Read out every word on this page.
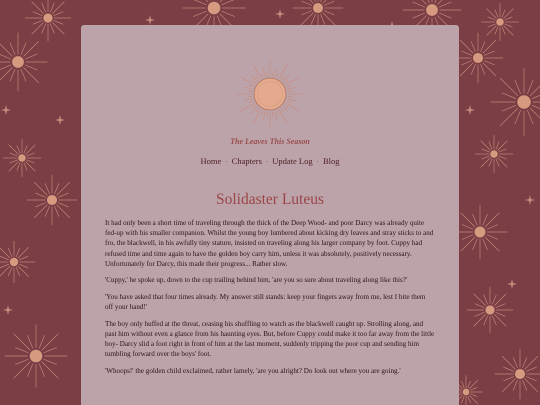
The Leaves This Season
Home · Chapters · Update Log · Blog
Solidaster Luteus

It had only been a short time of traveling through the thick of the Deep Wood- and poor Darcy was already quite fed-up with his smaller companion. Whilst the young boy lumbered about kicking dry leaves and stray sticks to and fro, the blackwell, in his awfully tiny stature, insisted on traveling along his larger company by foot. Cuppy had refused time and time again to have the golden boy carry him, unless it was absolutely, positively necessary. Unfortunately for Darcy, this made their progress... Rather slow.

'Cuppy,' he spoke up, down to the cup trailing behind him, 'are you so sure about traveling along like this?'

'You have asked that four times already. My answer still stands: keep your fingers away from me, lest I bite them off your hand!'

The boy only huffed at the threat, ceasing his shuffling to watch as the blackwell caught up. Strolling along, and past him without even a glance from his haunting eyes. But, before Cuppy could make it too far away from the little boy- Darcy slid a foot right in front of him at the last moment, suddenly tripping the poor cup and sending him tumbling forward over the boys' foot.

'Whoops!' the golden child exclaimed, rather lamely, 'are you alright? Do look out where you are going.'
